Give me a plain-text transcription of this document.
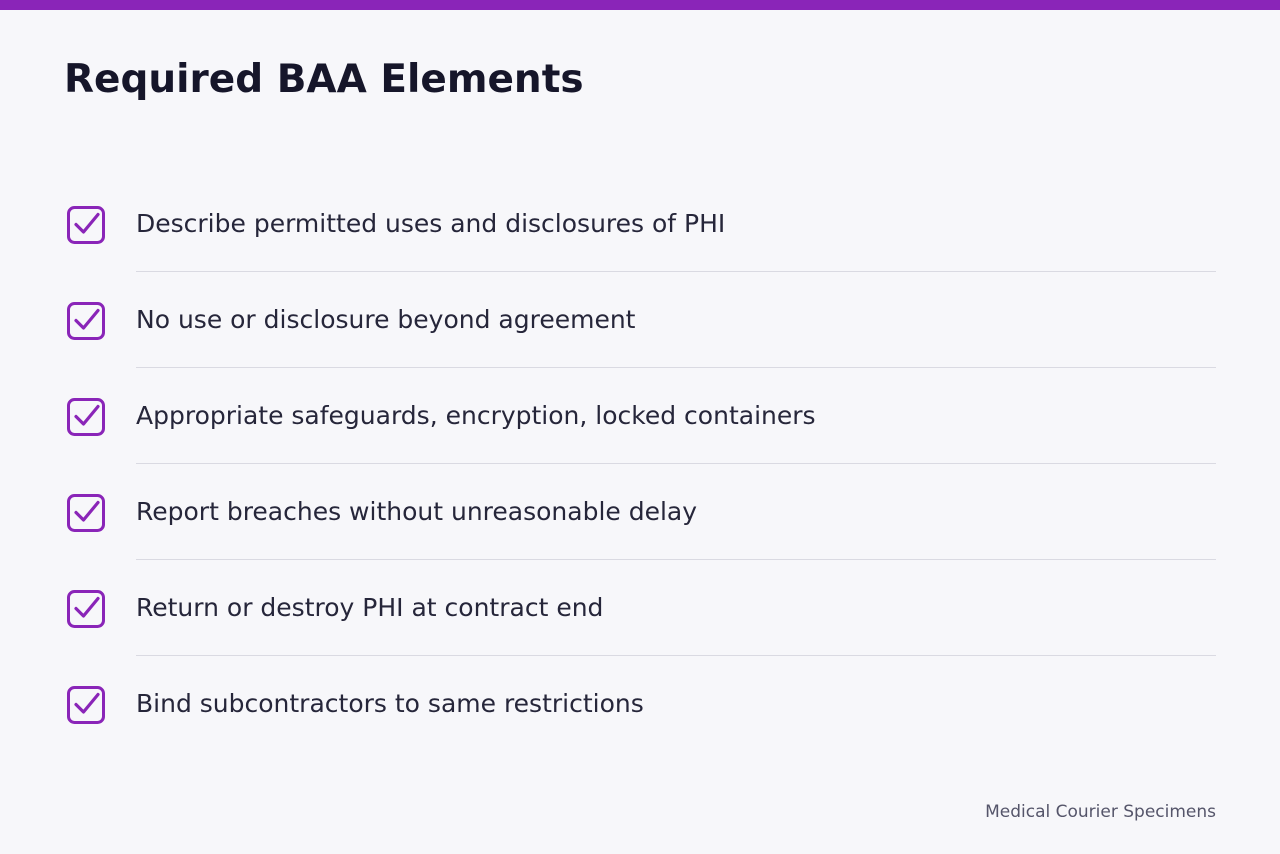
Required BAA Elements
Describe permitted uses and disclosures of PHI
No use or disclosure beyond agreement
Appropriate safeguards, encryption, locked containers
Report breaches without unreasonable delay
Return or destroy PHI at contract end
Bind subcontractors to same restrictions
Medical Courier Specimens
